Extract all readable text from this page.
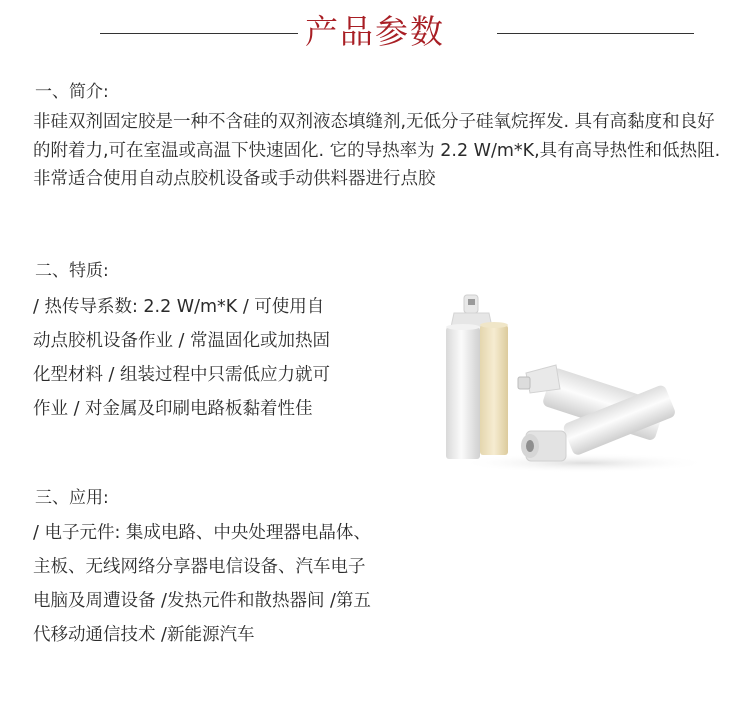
产品参数
一、简介:
非硅双剂固定胶是一种不含硅的双剂液态填缝剂,无低分子硅氧烷挥发. 具有高黏度和良好的附着力,可在室温或高温下快速固化. 它的导热率为 2.2 W/m*K,具有高导热性和低热阻. 非常适合使用自动点胶机设备或手动供料器进行点胶
二、特质:
/ 热传导系数: 2.2 W/m*K / 可使用自动点胶机设备作业 / 常温固化或加热固化型材料 / 组装过程中只需低应力就可作业 / 对金属及印刷电路板黏着性佳
三、应用:
/ 电子元件: 集成电路、中央处理器电晶体、主板、无线网络分享器电信设备、汽车电子电脑及周遭设备 /发热元件和散热器间 /第五代移动通信技术 /新能源汽车
